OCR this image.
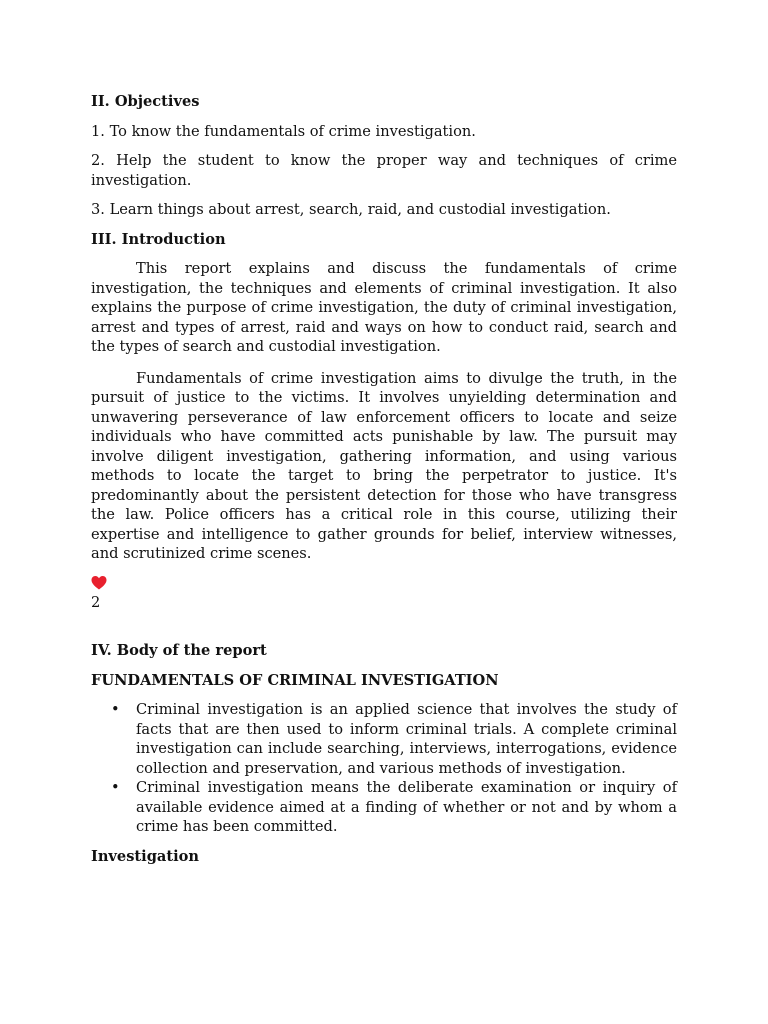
II. Objectives

1. To know the fundamentals of crime investigation.

2. Help the student to know the proper way and techniques of crime investigation.

3. Learn things about arrest, search, raid, and custodial investigation.

III. Introduction

This report explains and discuss the fundamentals of crime investigation, the techniques and elements of criminal investigation. It also explains the purpose of crime investigation, the duty of criminal investigation, arrest and types of arrest, raid and ways on how to conduct raid, search and the types of search and custodial investigation.

Fundamentals of crime investigation aims to divulge the truth, in the pursuit of justice to the victims. It involves unyielding determination and unwavering perseverance of law enforcement officers to locate and seize individuals who have committed acts punishable by law. The pursuit may involve diligent investigation, gathering information, and using various methods to locate the target to bring the perpetrator to justice. It's predominantly about the persistent detection for those who have transgress the law. Police officers has a critical role in this course, utilizing their expertise and intelligence to gather grounds for belief, interview witnesses, and scrutinized crime scenes.

2

IV. Body of the report

FUNDAMENTALS OF CRIMINAL INVESTIGATION

• Criminal investigation is an applied science that involves the study of facts that are then used to inform criminal trials. A complete criminal investigation can include searching, interviews, interrogations, evidence collection and preservation, and various methods of investigation.
• Criminal investigation means the deliberate examination or inquiry of available evidence aimed at a finding of whether or not and by whom a crime has been committed.

Investigation
